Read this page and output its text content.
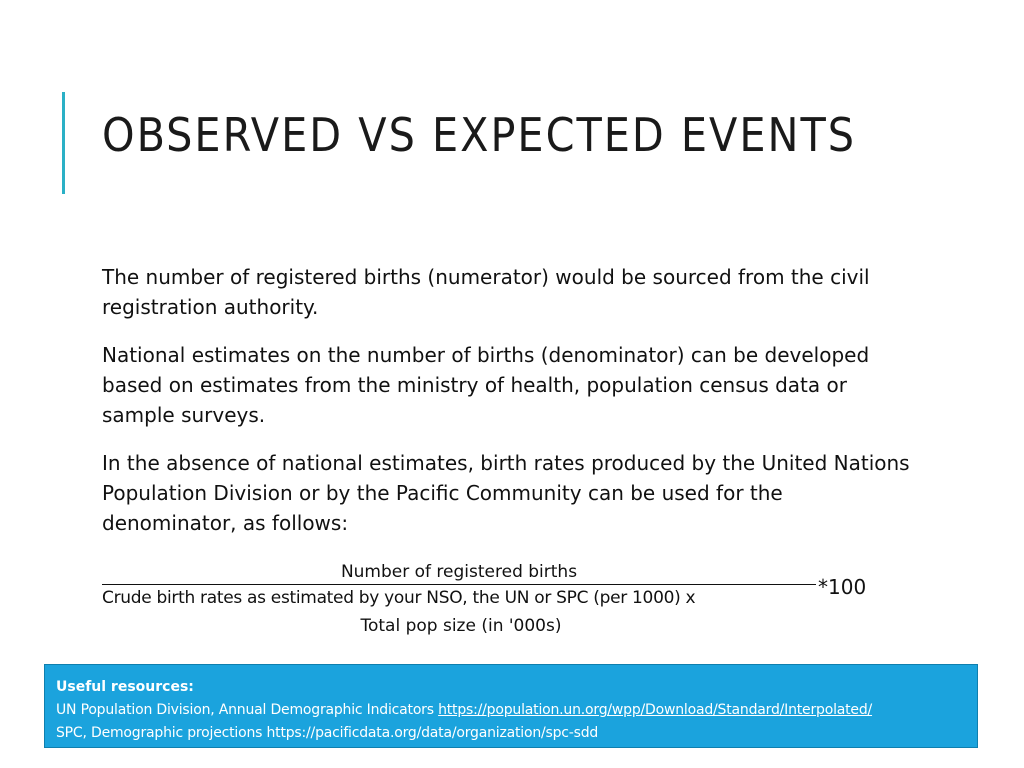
OBSERVED VS EXPECTED EVENTS

The number of registered births (numerator) would be sourced from the civil registration authority.

National estimates on the number of births (denominator) can be developed based on estimates from the ministry of health, population census data or sample surveys.

In the absence of national estimates, birth rates produced by the United Nations Population Division or by the Pacific Community can be used for the denominator, as follows:

Number of registered births
*100
Crude birth rates as estimated by your NSO, the UN or SPC (per 1000) x
Total pop size (in '000s)
Useful resources:
UN Population Division, Annual Demographic Indicators https://population.un.org/wpp/Download/Standard/Interpolated/
SPC, Demographic projections https://pacificdata.org/data/organization/spc-sdd
